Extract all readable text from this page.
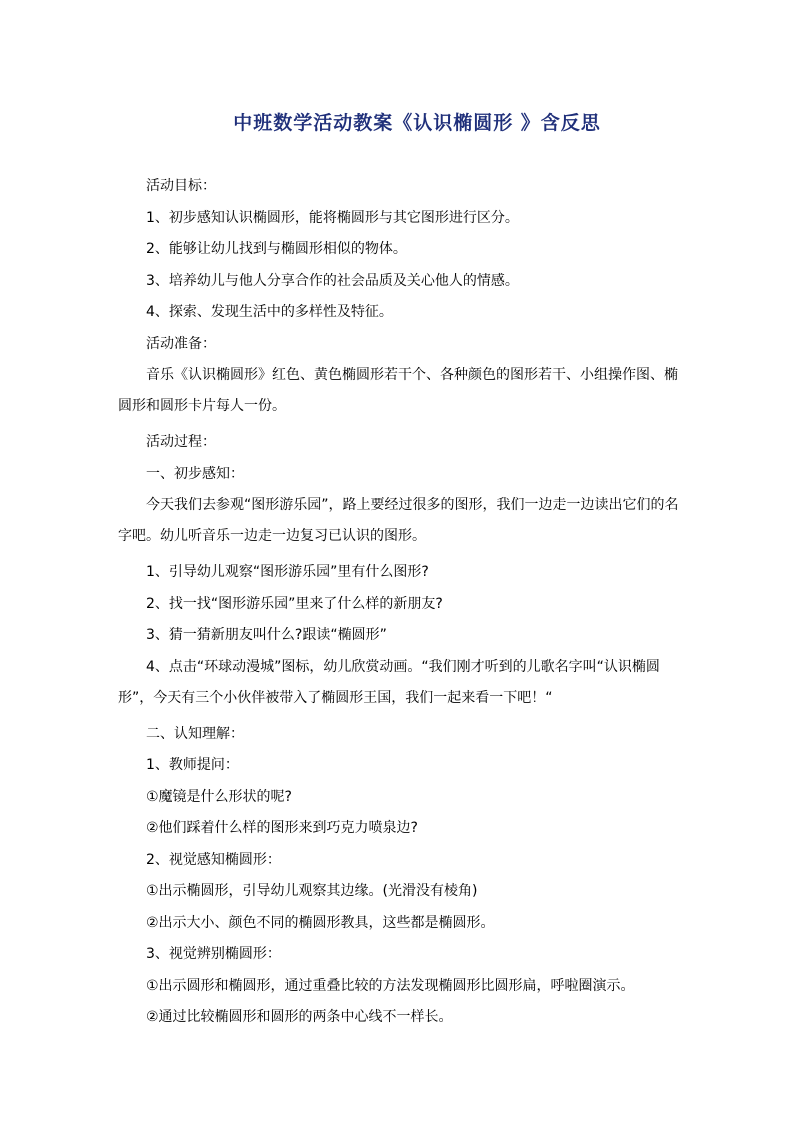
中班数学活动教案《认识椭圆形 》含反思

活动目标：

1、初步感知认识椭圆形，能将椭圆形与其它图形进行区分。

2、能够让幼儿找到与椭圆形相似的物体。

3、培养幼儿与他人分享合作的社会品质及关心他人的情感。

4、探索、发现生活中的多样性及特征。

活动准备：

音乐《认识椭圆形》红色、黄色椭圆形若干个、各种颜色的图形若干、小组操作图、椭圆形和圆形卡片每人一份。

活动过程：

一、初步感知：

今天我们去参观“图形游乐园”，路上要经过很多的图形，我们一边走一边读出它们的名字吧。幼儿听音乐一边走一边复习已认识的图形。

1、引导幼儿观察“图形游乐园”里有什么图形?

2、找一找“图形游乐园”里来了什么样的新朋友?

3、猜一猜新朋友叫什么?跟读“椭圆形”

4、点击“环球动漫城”图标，幼儿欣赏动画。“我们刚才听到的儿歌名字叫“认识椭圆形”，今天有三个小伙伴被带入了椭圆形王国，我们一起来看一下吧！“

二、认知理解：

1、教师提问：

①魔镜是什么形状的呢?

②他们踩着什么样的图形来到巧克力喷泉边?

2、视觉感知椭圆形：

①出示椭圆形，引导幼儿观察其边缘。(光滑没有棱角)

②出示大小、颜色不同的椭圆形教具，这些都是椭圆形。

3、视觉辨别椭圆形：

①出示圆形和椭圆形，通过重叠比较的方法发现椭圆形比圆形扁，呼啦圈演示。

②通过比较椭圆形和圆形的两条中心线不一样长。
